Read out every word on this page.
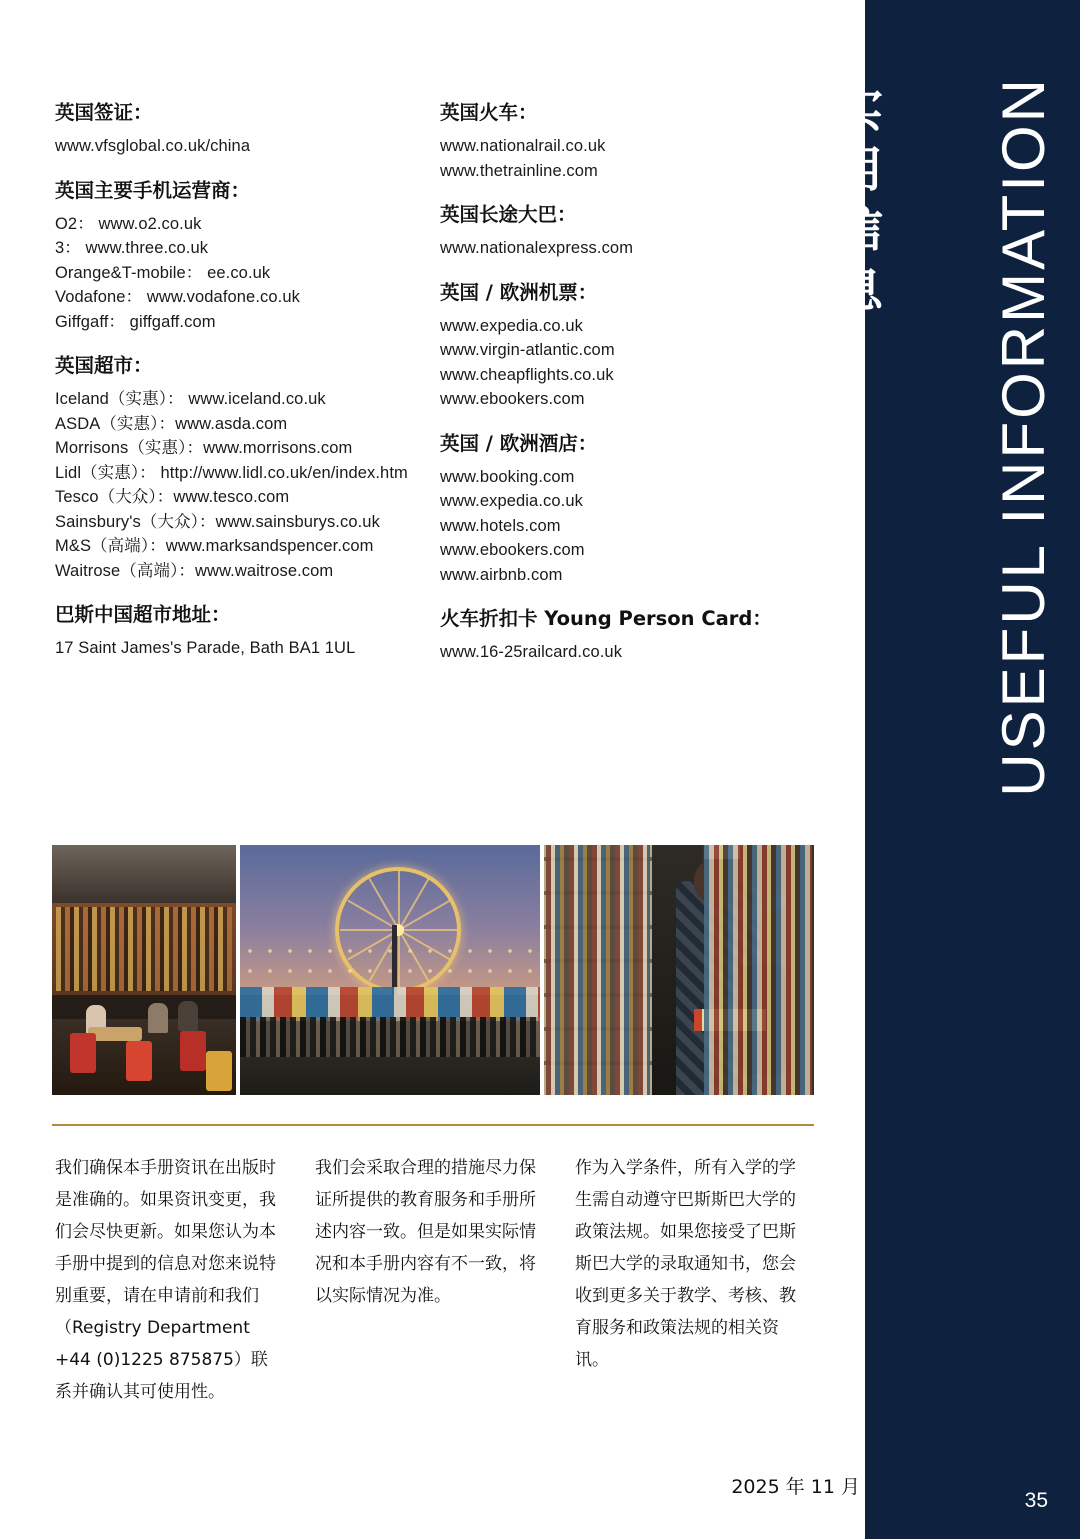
英国签证：

www.vfsglobal.co.uk/china

英国主要手机运营商：

O2： www.o2.co.uk

3： www.three.co.uk

Orange&T-mobile： ee.co.uk

Vodafone： www.vodafone.co.uk

Giffgaff： giffgaff.com

英国超市：

Iceland（实惠）： www.iceland.co.uk

ASDA（实惠）：www.asda.com

Morrisons（实惠）：www.morrisons.com

Lidl（实惠）： http://www.lidl.co.uk/en/index.htm

Tesco（大众）：www.tesco.com

Sainsbury's（大众）：www.sainsburys.co.uk

M&S（高端）：www.marksandspencer.com

Waitrose（高端）：www.waitrose.com

巴斯中国超市地址：

17 Saint James's Parade, Bath BA1 1UL

英国火车：

www.nationalrail.co.uk

www.thetrainline.com

英国长途大巴：

www.nationalexpress.com

英国 / 欧洲机票：

www.expedia.co.uk

www.virgin-atlantic.com

www.cheapflights.co.uk

www.ebookers.com

英国 / 欧洲酒店：

www.booking.com

www.expedia.co.uk

www.hotels.com

www.ebookers.com

www.airbnb.com

火车折扣卡 Young Person Card：

www.16-25railcard.co.uk

我们确保本手册资讯在出版时是准确的。如果资讯变更，我们会尽快更新。如果您认为本手册中提到的信息对您来说特别重要，请在申请前和我们（Registry Department +44 (0)1225 875875）联系并确认其可使用性。
我们会采取合理的措施尽力保证所提供的教育服务和手册所述内容一致。但是如果实际情况和本手册内容有不一致，将以实际情况为准。
作为入学条件，所有入学的学生需自动遵守巴斯斯巴大学的政策法规。如果您接受了巴斯斯巴大学的录取通知书，您会收到更多关于教学、考核、教育服务和政策法规的相关资讯。
2025 年 11 月
USEFUL INFORMATION
实用信息
35
